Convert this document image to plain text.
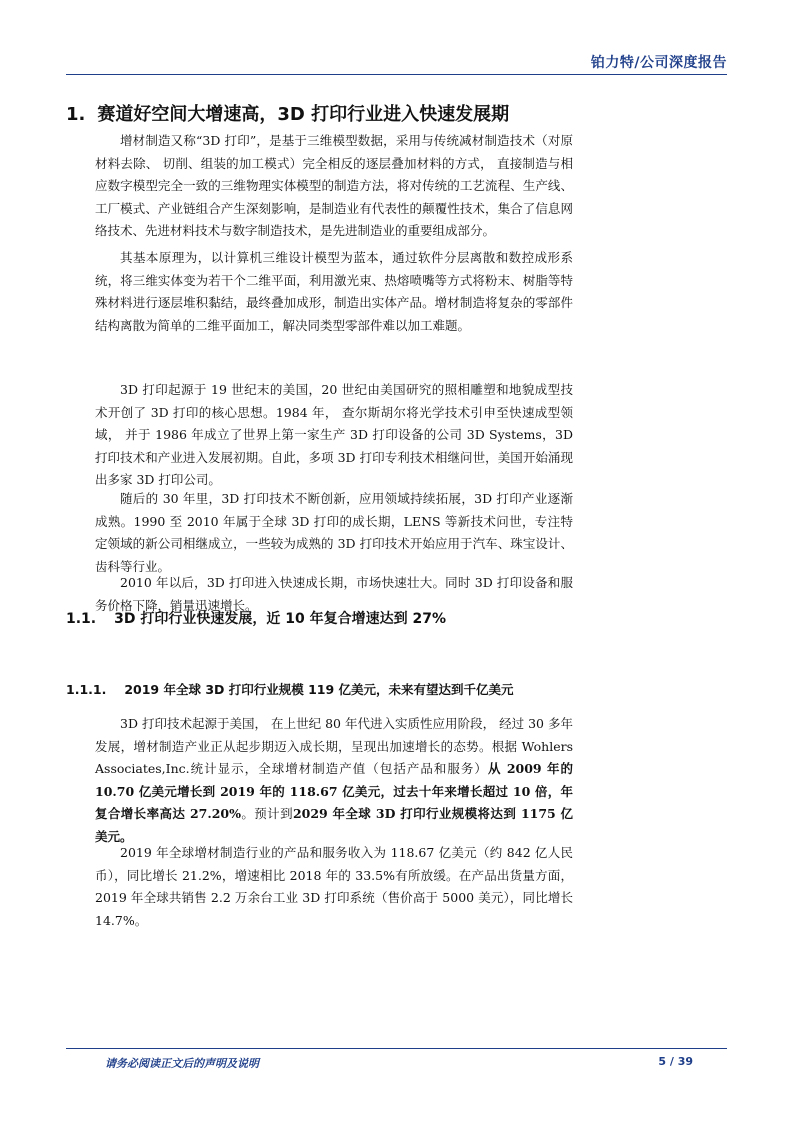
铂力特/公司深度报告
1. 赛道好空间大增速高，3D 打印行业进入快速发展期

增材制造又称“3D 打印”，是基于三维模型数据，采用与传统减材制造技术（对原材料去除、 切削、组装的加工模式）完全相反的逐层叠加材料的方式， 直接制造与相应数字模型完全一致的三维物理实体模型的制造方法，将对传统的工艺流程、生产线、工厂模式、产业链组合产生深刻影响，是制造业有代表性的颠覆性技术，集合了信息网络技术、先进材料技术与数字制造技术，是先进制造业的重要组成部分。

其基本原理为，以计算机三维设计模型为蓝本，通过软件分层离散和数控成形系统，将三维实体变为若干个二维平面，利用激光束、热熔喷嘴等方式将粉末、树脂等特殊材料进行逐层堆积黏结，最终叠加成形，制造出实体产品。增材制造将复杂的零部件结构离散为简单的二维平面加工，解决同类型零部件难以加工难题。

3D 打印起源于 19 世纪末的美国，20 世纪由美国研究的照相雕塑和地貌成型技术开创了 3D 打印的核心思想。1984 年， 查尔斯胡尔将光学技术引申至快速成型领域， 并于 1986 年成立了世界上第一家生产 3D 打印设备的公司 3D Systems，3D 打印技术和产业进入发展初期。自此，多项 3D 打印专利技术相继问世，美国开始涌现出多家 3D 打印公司。

随后的 30 年里，3D 打印技术不断创新，应用领域持续拓展，3D 打印产业逐渐成熟。1990 至 2010 年属于全球 3D 打印的成长期，LENS 等新技术问世，专注特定领域的新公司相继成立，一些较为成熟的 3D 打印技术开始应用于汽车、珠宝设计、齿科等行业。

2010 年以后，3D 打印进入快速成长期，市场快速壮大。同时 3D 打印设备和服务价格下降，销量迅速增长。

1.1. 3D 打印行业快速发展，近 10 年复合增速达到 27%
1.1.1. 2019 年全球 3D 打印行业规模 119 亿美元，未来有望达到千亿美元

3D 打印技术起源于美国， 在上世纪 80 年代进入实质性应用阶段， 经过 30 多年发展，增材制造产业正从起步期迈入成长期，呈现出加速增长的态势。根据 Wohlers Associates,Inc.统计显示，全球增材制造产值（包括产品和服务）从 2009 年的 10.70 亿美元增长到 2019 年的 118.67 亿美元，过去十年来增长超过 10 倍，年复合增长率高达 27.20%。预计到2029 年全球 3D 打印行业规模将达到 1175 亿美元。

2019 年全球增材制造行业的产品和服务收入为 118.67 亿美元（约 842 亿人民币），同比增长 21.2%，增速相比 2018 年的 33.5%有所放缓。在产品出货量方面，2019 年全球共销售 2.2 万余台工业 3D 打印系统（售价高于 5000 美元），同比增长 14.7%。

请务必阅读正文后的声明及说明	5 / 39
